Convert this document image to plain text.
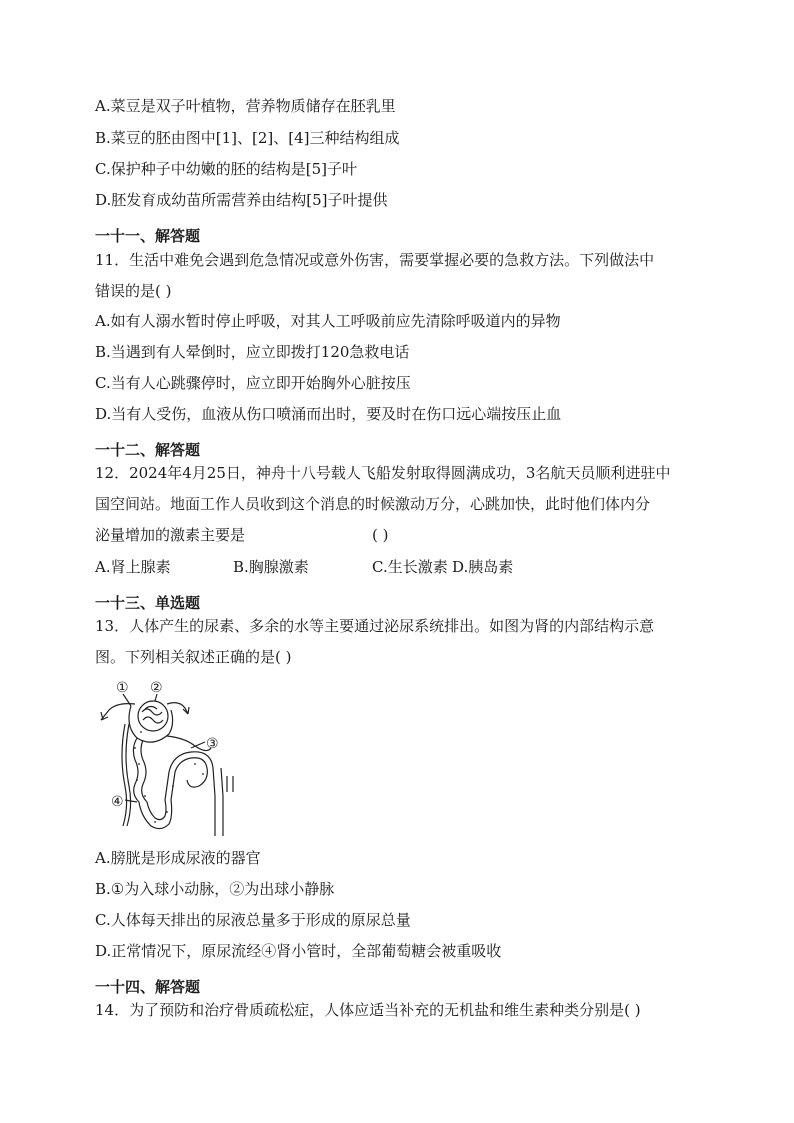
A.菜豆是双子叶植物，营养物质储存在胚乳里
B.菜豆的胚由图中[1]、[2]、[4]三种结构组成
C.保护种子中幼嫩的胚的结构是[5]子叶
D.胚发育成幼苗所需营养由结构[5]子叶提供
一十一、解答题
11．生活中难免会遇到危急情况或意外伤害，需要掌握必要的急救方法。下列做法中
错误的是( )
A.如有人溺水暂时停止呼吸，对其人工呼吸前应先清除呼吸道内的异物
B.当遇到有人晕倒时，应立即拨打120急救电话
C.当有人心跳骤停时，应立即开始胸外心脏按压
D.当有人受伤，血液从伤口喷涌而出时，要及时在伤口远心端按压止血
一十二、解答题
12．2024年4月25日，神舟十八号载人飞船发射取得圆满成功，3名航天员顺利进驻中
国空间站。地面工作人员收到这个消息的时候激动万分，心跳加快，此时他们体内分
泌量增加的激素主要是	( )
A.肾上腺素	B.胸腺激素	C.生长激素 D.胰岛素
一十三、单选题
13．人体产生的尿素、多余的水等主要通过泌尿系统排出。如图为肾的内部结构示意
图。下列相关叙述正确的是( )
① ②
③
④
A.膀胱是形成尿液的器官
B.①为入球小动脉，②为出球小静脉
C.人体每天排出的尿液总量多于形成的原尿总量
D.正常情况下，原尿流经④肾小管时，全部葡萄糖会被重吸收
一十四、解答题
14．为了预防和治疗骨质疏松症，人体应适当补充的无机盐和维生素种类分别是( )
